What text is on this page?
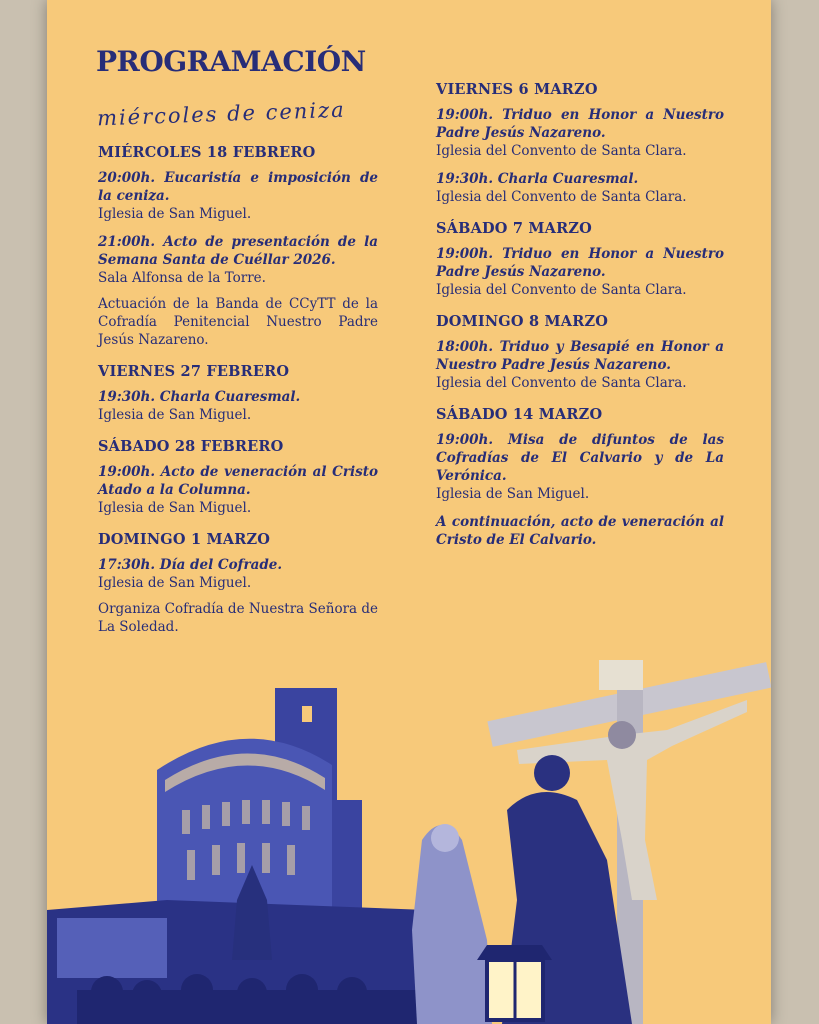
PROGRAMACIÓN
miércoles de ceniza
MIÉRCOLES 18 FEBRERO
20:00h. Eucaristía e imposición de la ceniza.
Iglesia de San Miguel.
21:00h. Acto de presentación de la Semana Santa de Cuéllar 2026.
Sala Alfonsa de la Torre.
Actuación de la Banda de CCyTT de la Cofradía Penitencial Nuestro Padre Jesús Nazareno.
VIERNES 27 FEBRERO
19:30h. Charla Cuaresmal.
Iglesia de San Miguel.
SÁBADO 28 FEBRERO
19:00h. Acto de veneración al Cristo Atado a la Columna.
Iglesia de San Miguel.
DOMINGO 1 MARZO
17:30h. Día del Cofrade.
Iglesia de San Miguel.
Organiza Cofradía de Nuestra Señora de La Soledad.
VIERNES 6 MARZO
19:00h. Triduo en Honor a Nuestro Padre Jesús Nazareno.
Iglesia del Convento de Santa Clara.
19:30h. Charla Cuaresmal.
Iglesia del Convento de Santa Clara.
SÁBADO 7 MARZO
19:00h. Triduo en Honor a Nuestro Padre Jesús Nazareno.
Iglesia del Convento de Santa Clara.
DOMINGO 8 MARZO
18:00h. Triduo y Besapié en Honor a Nuestro Padre Jesús Nazareno.
Iglesia del Convento de Santa Clara.
SÁBADO 14 MARZO
19:00h. Misa de difuntos de las Cofradías de El Calvario y de La Verónica.
Iglesia de San Miguel.
A continuación, acto de veneración al Cristo de El Calvario.
